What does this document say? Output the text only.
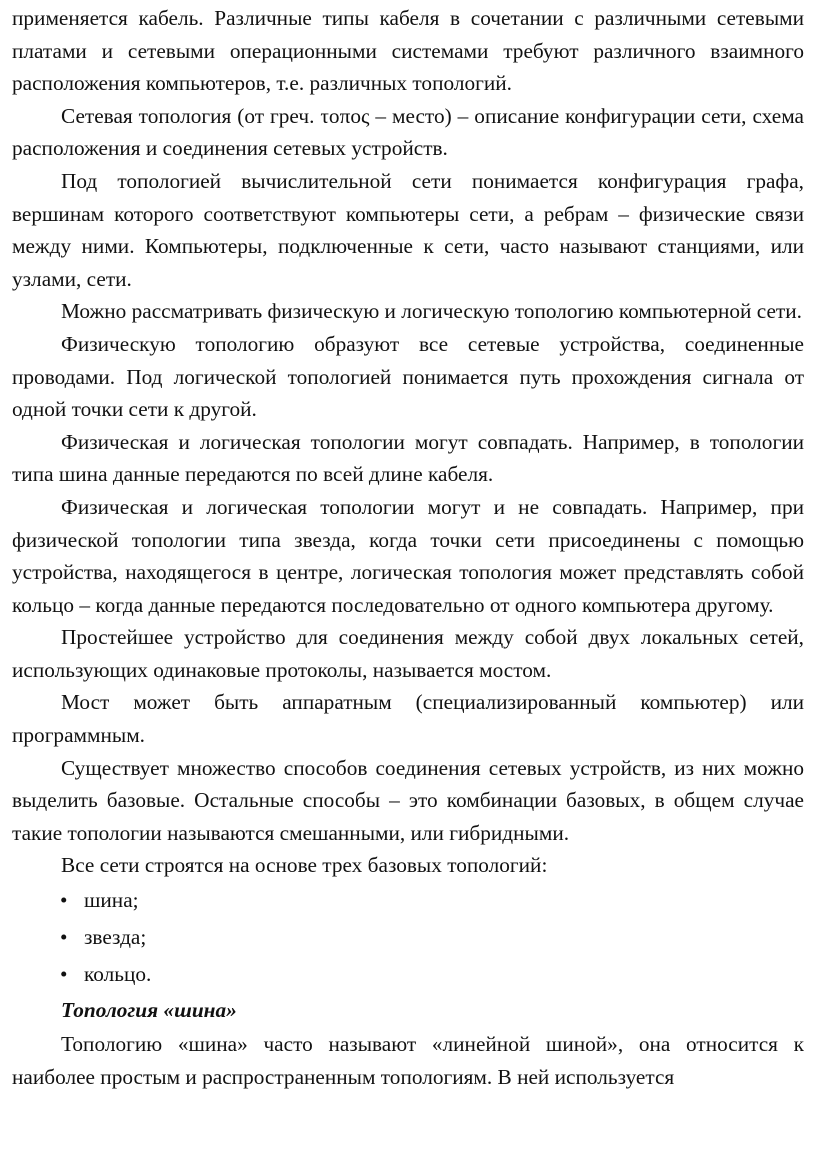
применяется кабель. Различные типы кабеля в сочетании с различными сетевыми платами и сетевыми операционными системами требуют различного взаимного расположения компьютеров, т.е. различных топологий.

Сетевая топология (от греч. τοπος – место) – описание конфигурации сети, схема расположения и соединения сетевых устройств.

Под топологией вычислительной сети понимается конфигурация графа, вершинам которого соответствуют компьютеры сети, а ребрам – физические связи между ними. Компьютеры, подключенные к сети, часто называют станциями, или узлами, сети.

Можно рассматривать физическую и логическую топологию компьютерной сети.

Физическую топологию образуют все сетевые устройства, соединенные проводами. Под логической топологией понимается путь прохождения сигнала от одной точки сети к другой.

Физическая и логическая топологии могут совпадать. Например, в топологии типа шина данные передаются по всей длине кабеля.

Физическая и логическая топологии могут и не совпадать. Например, при физической топологии типа звезда, когда точки сети присоединены с помощью устройства, находящегося в центре, логическая топология может представлять собой кольцо – когда данные передаются последовательно от одного компьютера другому.

Простейшее устройство для соединения между собой двух локальных сетей, использующих одинаковые протоколы, называется мостом.

Мост может быть аппаратным (специализированный компьютер) или программным.

Существует множество способов соединения сетевых устройств, из них можно выделить базовые. Остальные способы – это комбинации базовых, в общем случае такие топологии называются смешанными, или гибридными.

Все сети строятся на основе трех базовых топологий:

• шина;
• звезда;
• кольцо.

Топология «шина»

Топологию «шина» часто называют «линейной шиной», она относится к наиболее простым и распространенным топологиям. В ней используется
